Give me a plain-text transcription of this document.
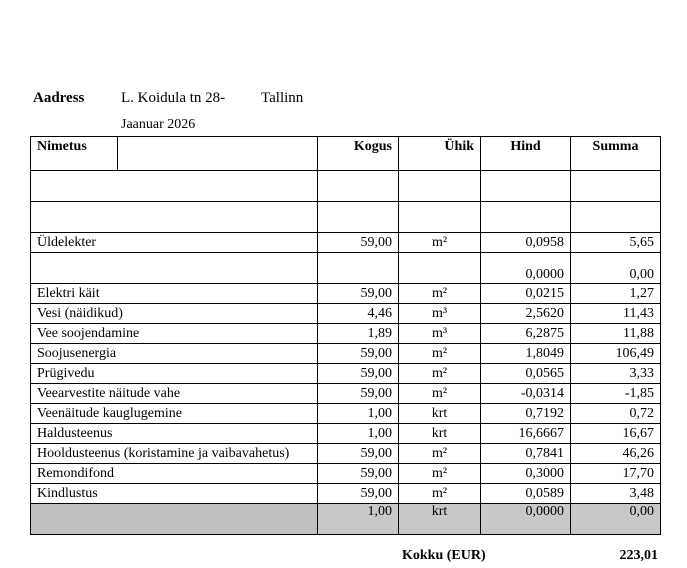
Aadress L. Koidula tn 28- Tallinn
Jaanuar 2026
Nimetus		Kogus	Ühik	Hind	Summa

Üldelekter		59,00	m²	0,0958	5,65
				0,0000	0,00
Elektri käit		59,00	m²	0,0215	1,27
Vesi (näidikud)		4,46	m³	2,5620	11,43
Vee soojendamine		1,89	m³	6,2875	11,88
Soojusenergia		59,00	m²	1,8049	106,49
Prügivedu		59,00	m²	0,0565	3,33
Veearvestite näitude vahe		59,00	m²	-0,0314	-1,85
Veenäitude kauglugemine		1,00	krt	0,7192	0,72
Haldusteenus		1,00	krt	16,6667	16,67
Hooldusteenus (koristamine ja vaibavahetus)		59,00	m²	0,7841	46,26
Remondifond		59,00	m²	0,3000	17,70
Kindlustus		59,00	m²	0,0589	3,48
		1,00	krt	0,0000	0,00
Kokku (EUR)	223,01
